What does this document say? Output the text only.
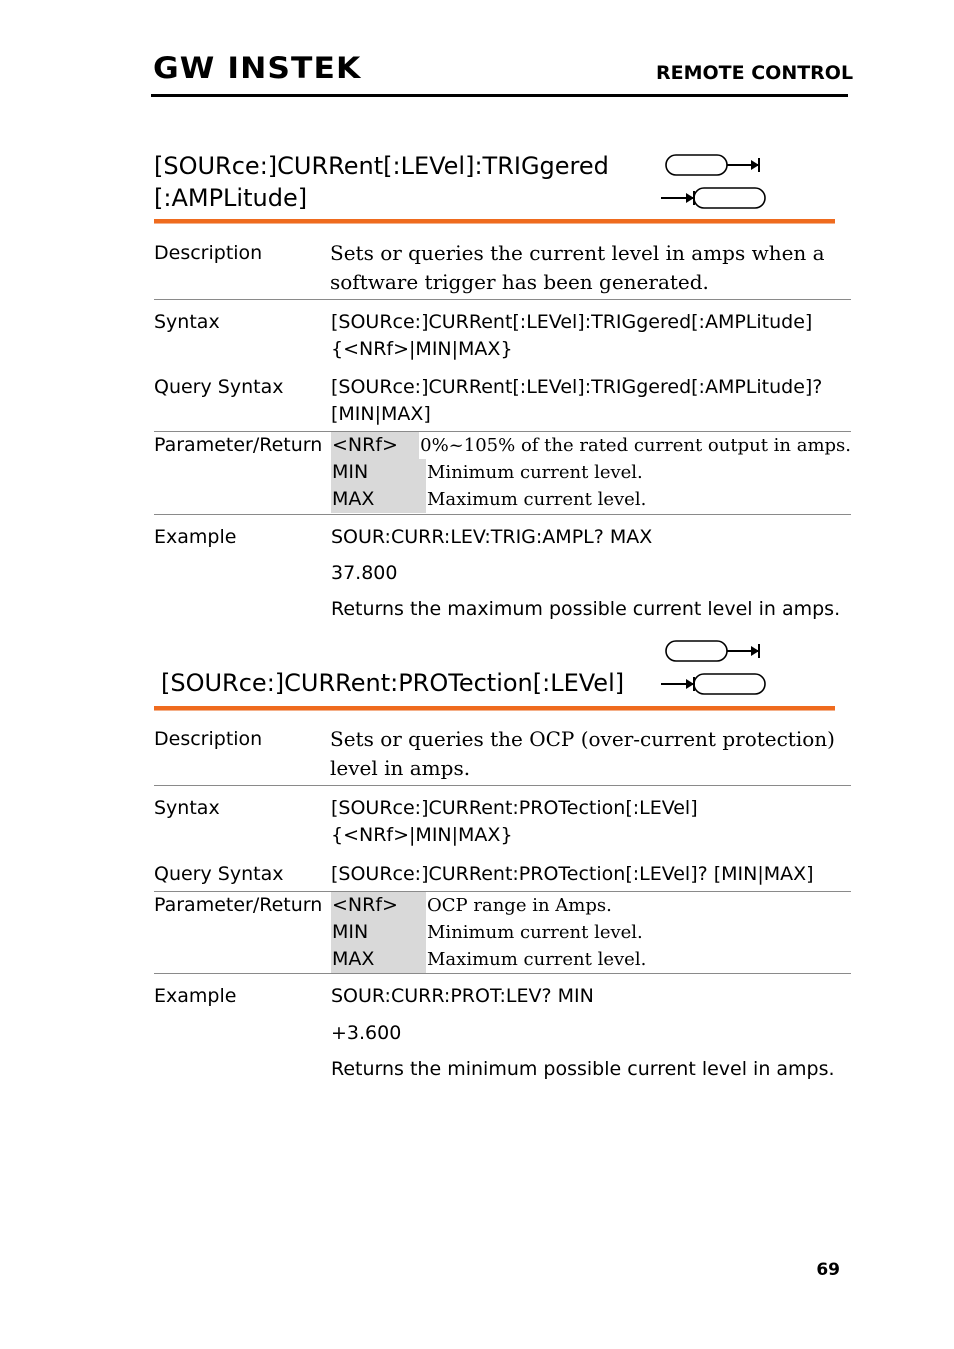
GW INSTEK	REMOTE CONTROL
[SOURce:]CURRent[:LEVel]:TRIGgered
[:AMPLitude]
Description	Sets or queries the current level in amps when a software trigger has been generated.
Syntax	[SOURce:]CURRent[:LEVel]:TRIGgered[:AMPLitude]
{<NRf>|MIN|MAX}
Query Syntax	[SOURce:]CURRent[:LEVel]:TRIGgered[:AMPLitude]?
[MIN|MAX]
Parameter/Return <NRf>	0%~105% of the rated current output in amps.
MIN	Minimum current level.
MAX	Maximum current level.
Example	SOUR:CURR:LEV:TRIG:AMPL? MAX
37.800
Returns the maximum possible current level in amps.
[SOURce:]CURRent:PROTection[:LEVel]
Description	Sets or queries the OCP (over-current protection) level in amps.
Syntax	[SOURce:]CURRent:PROTection[:LEVel]
{<NRf>|MIN|MAX}
Query Syntax	[SOURce:]CURRent:PROTection[:LEVel]? [MIN|MAX]
Parameter/Return <NRf>	OCP range in Amps.
MIN	Minimum current level.
MAX	Maximum current level.
Example	SOUR:CURR:PROT:LEV? MIN
+3.600
Returns the minimum possible current level in amps.
69
